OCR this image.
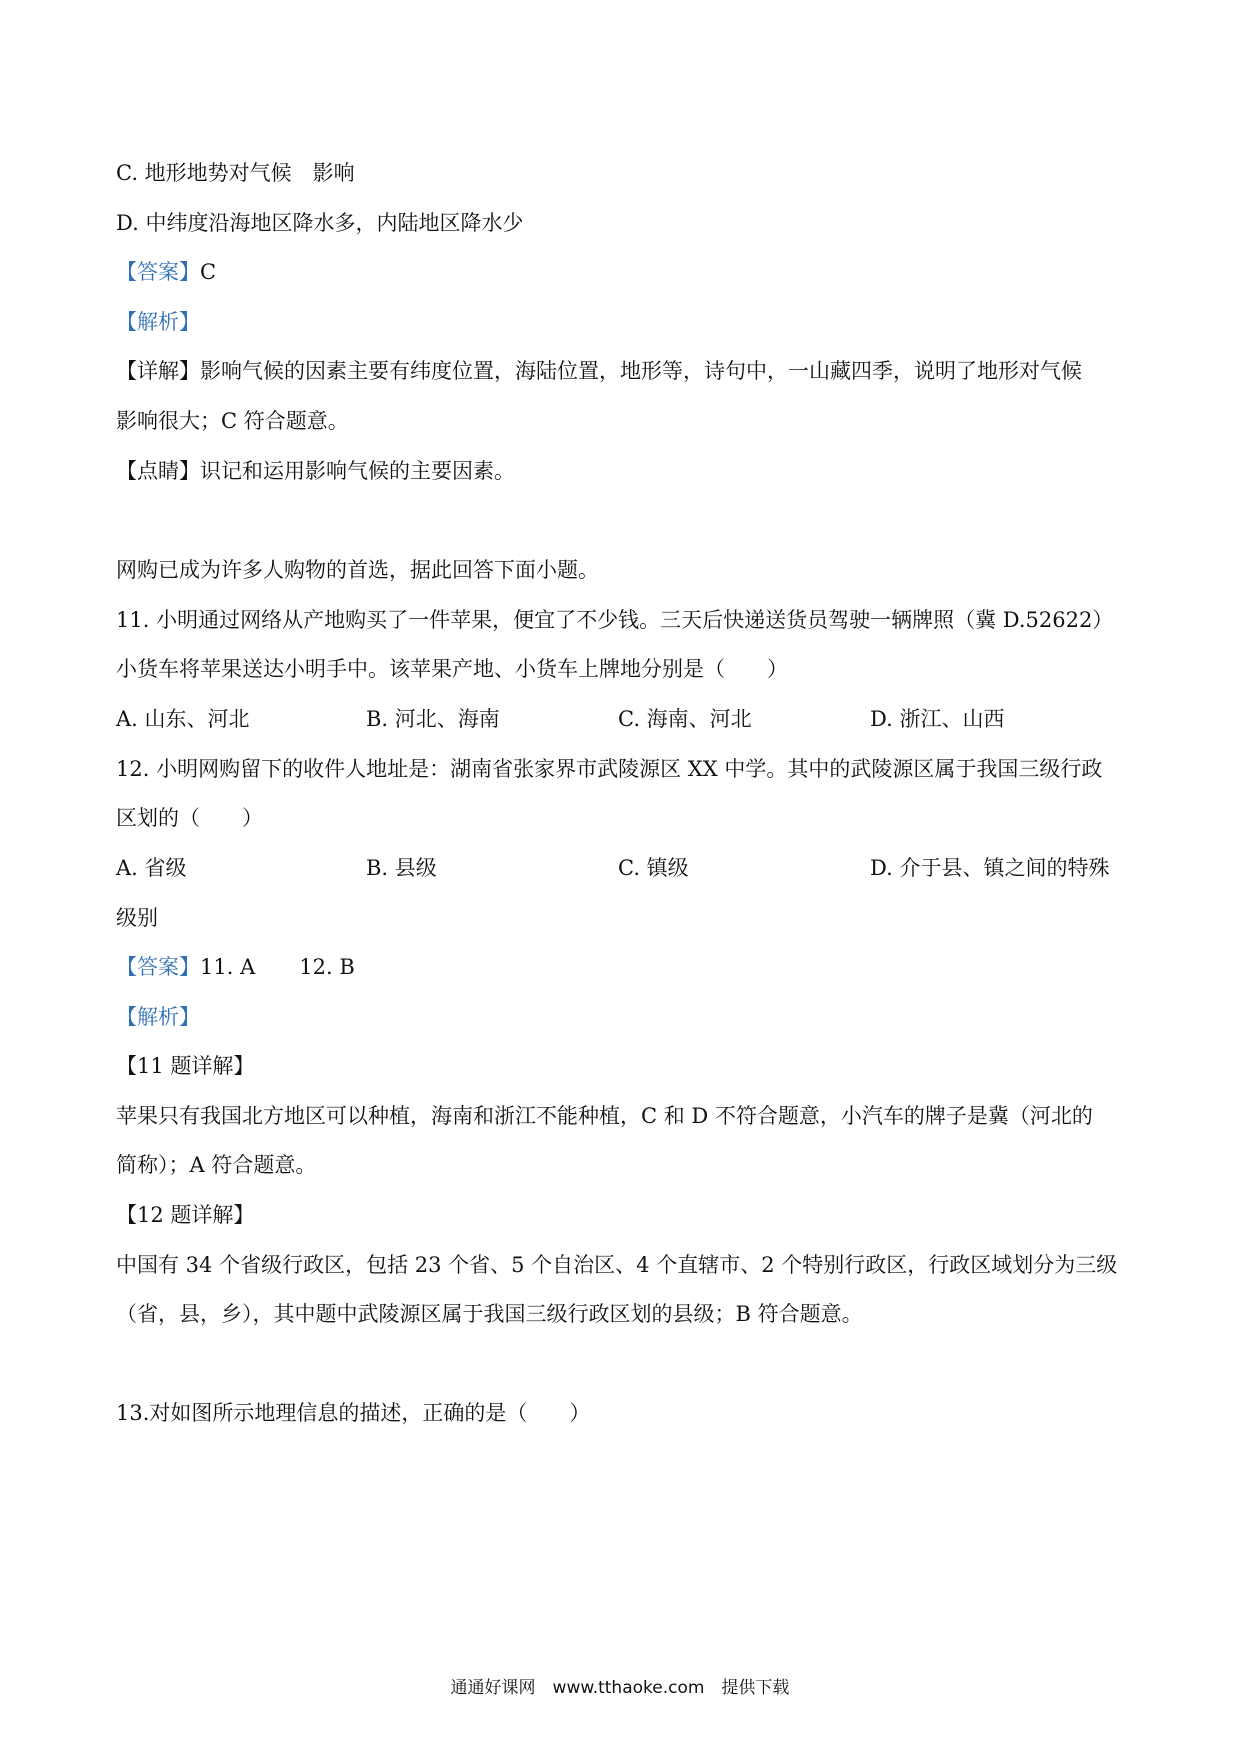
C. 地形地势对气候　影响
D. 中纬度沿海地区降水多，内陆地区降水少
【答案】C
【解析】
【详解】影响气候的因素主要有纬度位置，海陆位置，地形等，诗句中，一山藏四季，说明了地形对气候
影响很大；C 符合题意。
【点睛】识记和运用影响气候的主要因素。
网购已成为许多人购物的首选，据此回答下面小题。
11. 小明通过网络从产地购买了一件苹果，便宜了不少钱。三天后快递送货员驾驶一辆牌照（冀 D.52622）
小货车将苹果送达小明手中。该苹果产地、小货车上牌地分别是（　　）
A. 山东、河北	B. 河北、海南	C. 海南、河北	D. 浙江、山西
12. 小明网购留下的收件人地址是：湖南省张家界市武陵源区 XX 中学。其中的武陵源区属于我国三级行政
区划的（　　）
A. 省级	B. 县级	C. 镇级	D. 介于县、镇之间的特殊
级别
【答案】11. A 12. B
【解析】
【11 题详解】
苹果只有我国北方地区可以种植，海南和浙江不能种植，C 和 D 不符合题意，小汽车的牌子是冀（河北的
简称）；A 符合题意。
【12 题详解】
中国有 34 个省级行政区，包括 23 个省、5 个自治区、4 个直辖市、2 个特别行政区，行政区域划分为三级
（省，县，乡），其中题中武陵源区属于我国三级行政区划的县级；B 符合题意。
13.对如图所示地理信息的描述，正确的是（　　）
通通好课网　www.tthaoke.com　提供下载
